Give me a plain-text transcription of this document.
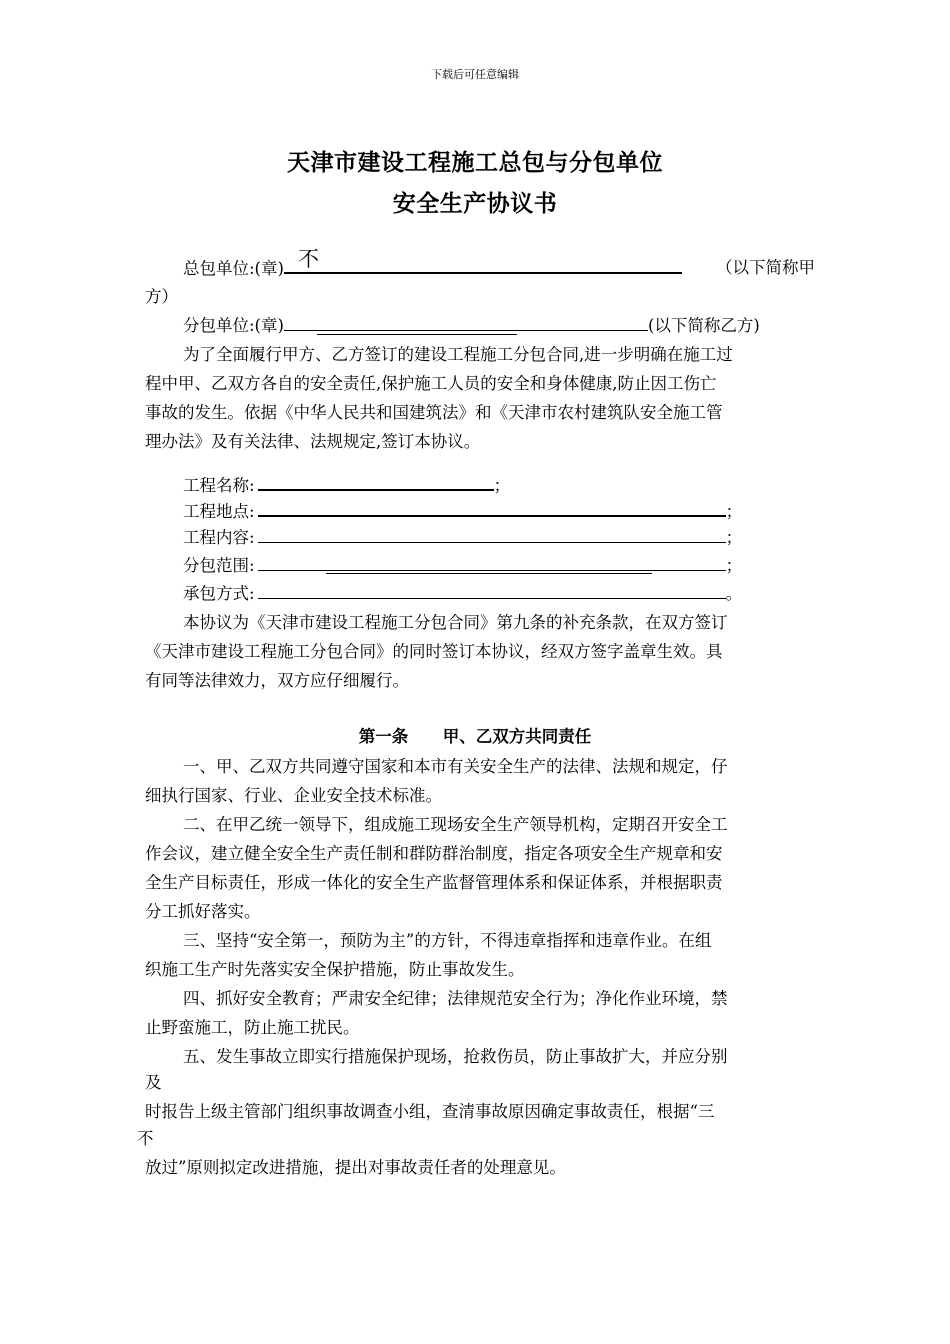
下载后可任意编辑
天津市建设工程施工总包与分包单位
安全生产协议书
总包单位:(章) 不	（以下简称甲
方）
分包单位:(章)	(以下简称乙方)
为了全面履行甲方、乙方签订的建设工程施工分包合同,进一步明确在施工过
程中甲、乙双方各自的安全责任,保护施工人员的安全和身体健康,防止因工伤亡
事故的发生。依据《中华人民共和国建筑法》和《天津市农村建筑队安全施工管
理办法》及有关法律、法规规定,签订本协议。
工程名称:	；
工程地点:	；
工程内容:	；
分包范围:	；
承包方式:	。
本协议为《天津市建设工程施工分包合同》第九条的补充条款，在双方签订
《天津市建设工程施工分包合同》的同时签订本协议，经双方签字盖章生效。具
有同等法律效力，双方应仔细履行。
第一条      甲、乙双方共同责任
一、甲、乙双方共同遵守国家和本市有关安全生产的法律、法规和规定，仔
细执行国家、行业、企业安全技术标准。
二、在甲乙统一领导下，组成施工现场安全生产领导机构，定期召开安全工
作会议，建立健全安全生产责任制和群防群治制度，指定各项安全生产规章和安
全生产目标责任，形成一体化的安全生产监督管理体系和保证体系，并根据职责
分工抓好落实。
三、坚持“安全第一，预防为主”的方针，不得违章指挥和违章作业。在组
织施工生产时先落实安全保护措施，防止事故发生。
四、抓好安全教育；严肃安全纪律；法律规范安全行为；净化作业环境，禁
止野蛮施工，防止施工扰民。
五、发生事故立即实行措施保护现场，抢救伤员，防止事故扩大，并应分别
及
时报告上级主管部门组织事故调查小组，查清事故原因确定事故责任，根据“三
不
放过”原则拟定改进措施，提出对事故责任者的处理意见。
